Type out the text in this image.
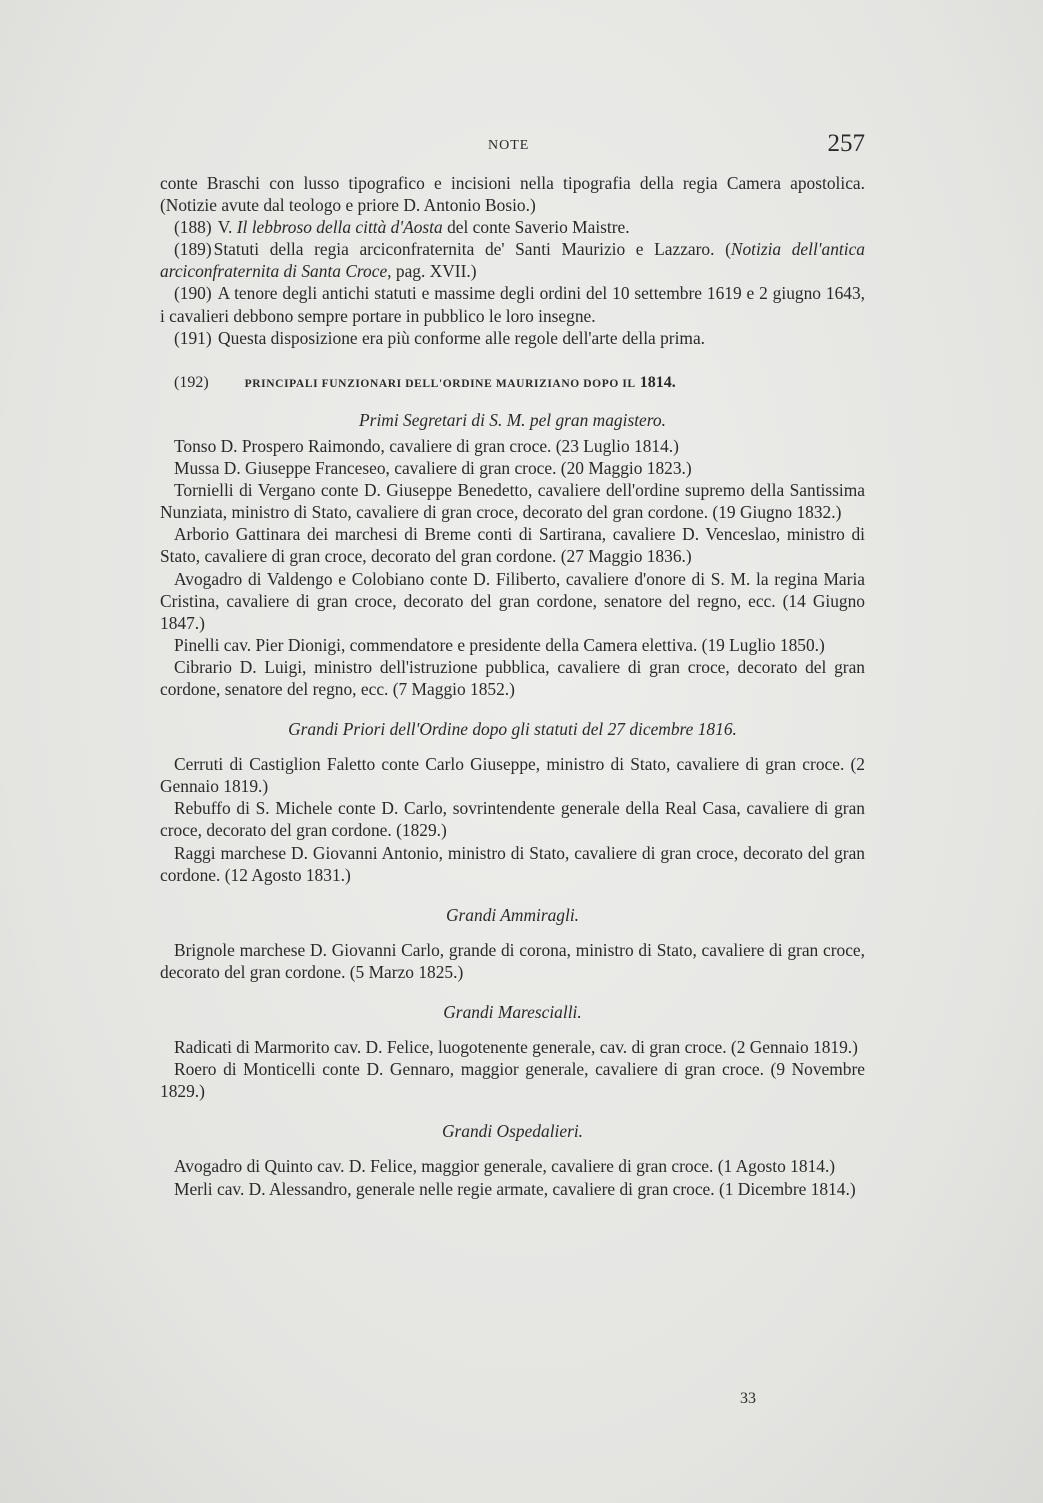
NOTE	257

conte Braschi con lusso tipografico e incisioni nella tipografia della regia Camera apostolica. (Notizie avute dal teologo e priore D. Antonio Bosio.)

(188) V. Il lebbroso della città d'Aosta del conte Saverio Maistre.

(189) Statuti della regia arciconfraternita de' Santi Maurizio e Lazzaro. (Notizia dell'antica arciconfraternita di Santa Croce, pag. XVII.)

(190) A tenore degli antichi statuti e massime degli ordini del 10 settembre 1619 e 2 giugno 1643, i cavalieri debbono sempre portare in pubblico le loro insegne.

(191) Questa disposizione era più conforme alle regole dell'arte della prima.

(192)	PRINCIPALI FUNZIONARI DELL'ORDINE MAURIZIANO DOPO IL 1814.

Primi Segretari di S. M. pel gran magistero.

Tonso D. Prospero Raimondo, cavaliere di gran croce. (23 Luglio 1814.)

Mussa D. Giuseppe Franceseo, cavaliere di gran croce. (20 Maggio 1823.)

Tornielli di Vergano conte D. Giuseppe Benedetto, cavaliere dell'ordine supremo della Santissima Nunziata, ministro di Stato, cavaliere di gran croce, decorato del gran cordone. (19 Giugno 1832.)

Arborio Gattinara dei marchesi di Breme conti di Sartirana, cavaliere D. Venceslao, ministro di Stato, cavaliere di gran croce, decorato del gran cordone. (27 Maggio 1836.)

Avogadro di Valdengo e Colobiano conte D. Filiberto, cavaliere d'onore di S. M. la regina Maria Cristina, cavaliere di gran croce, decorato del gran cordone, senatore del regno, ecc. (14 Giugno 1847.)

Pinelli cav. Pier Dionigi, commendatore e presidente della Camera elettiva. (19 Luglio 1850.)

Cibrario D. Luigi, ministro dell'istruzione pubblica, cavaliere di gran croce, decorato del gran cordone, senatore del regno, ecc. (7 Maggio 1852.)

Grandi Priori dell'Ordine dopo gli statuti del 27 dicembre 1816.

Cerruti di Castiglion Faletto conte Carlo Giuseppe, ministro di Stato, cavaliere di gran croce. (2 Gennaio 1819.)

Rebuffo di S. Michele conte D. Carlo, sovrintendente generale della Real Casa, cavaliere di gran croce, decorato del gran cordone. (1829.)

Raggi marchese D. Giovanni Antonio, ministro di Stato, cavaliere di gran croce, decorato del gran cordone. (12 Agosto 1831.)

Grandi Ammiragli.

Brignole marchese D. Giovanni Carlo, grande di corona, ministro di Stato, cavaliere di gran croce, decorato del gran cordone. (5 Marzo 1825.)

Grandi Marescialli.

Radicati di Marmorito cav. D. Felice, luogotenente generale, cav. di gran croce. (2 Gennaio 1819.)

Roero di Monticelli conte D. Gennaro, maggior generale, cavaliere di gran croce. (9 Novembre 1829.)

Grandi Ospedalieri.

Avogadro di Quinto cav. D. Felice, maggior generale, cavaliere di gran croce. (1 Agosto 1814.)

Merli cav. D. Alessandro, generale nelle regie armate, cavaliere di gran croce. (1 Dicembre 1814.)

33
